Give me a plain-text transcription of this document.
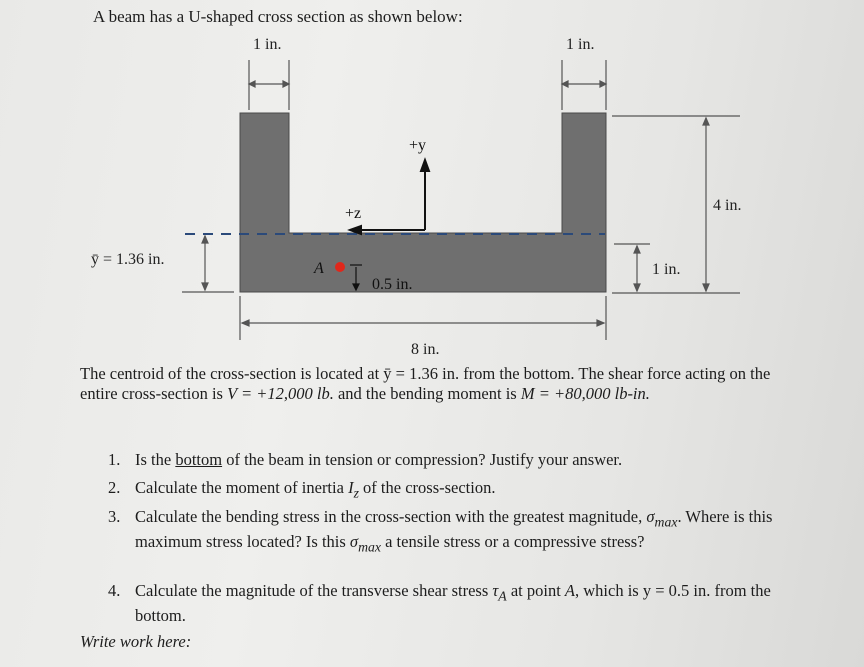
A beam has a U-shaped cross section as shown below:
+y
+z
A
0.5 in.
1 in.	1 in.
4 in.
1 in.
8 in.
ȳ = 1.36 in.
The centroid of the cross-section is located at ȳ = 1.36 in. from the bottom. The shear force acting on the entire cross-section is V = +12,000 lb. and the bending moment is M = +80,000 lb-in.
1. Is the bottom of the beam in tension or compression? Justify your answer.
2. Calculate the moment of inertia $I_z$ of the cross-section.
3. Calculate the bending stress in the cross-section with the greatest magnitude, $\sigma_{max}$. Where is this maximum stress located? Is this $\sigma_{max}$ a tensile stress or a compressive stress?
4. Calculate the magnitude of the transverse shear stress $\tau_A$ at point A, which is y = 0.5 in. from the bottom.
Write work here:
